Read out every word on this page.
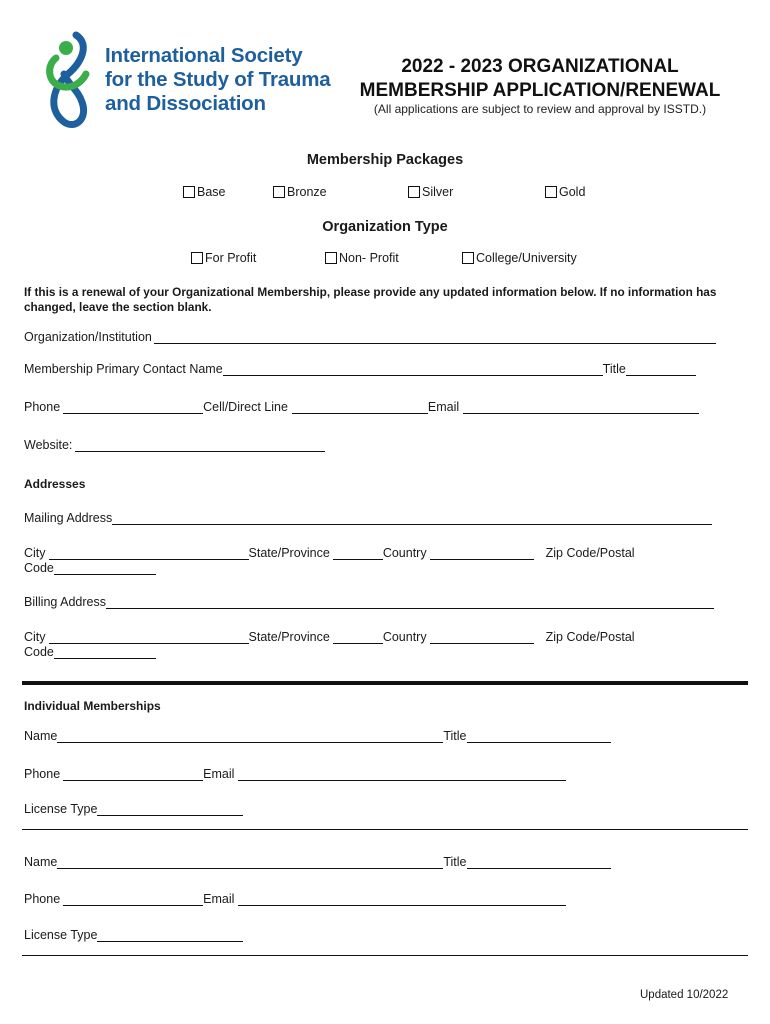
International Society
for the Study of Trauma
and Dissociation
2022 - 2023 ORGANIZATIONAL
MEMBERSHIP APPLICATION/RENEWAL
(All applications are subject to review and approval by ISSTD.)
Membership Packages
Base	Bronze	Silver	Gold
Organization Type
For Profit	Non- Profit	College/University
If this is a renewal of your Organizational Membership, please provide any updated information below. If no information has changed, leave the section blank.
Organization/Institution
Membership Primary Contact Name	Title
Phone	Cell/Direct Line	Email
Website:
Addresses
Mailing Address
City	State/Province	Country	Zip Code/Postal
Code
Billing Address
City	State/Province	Country	Zip Code/Postal
Code
Individual Memberships
Name	Title
Phone	Email
License Type
Name	Title
Phone	Email
License Type
Updated 10/2022
